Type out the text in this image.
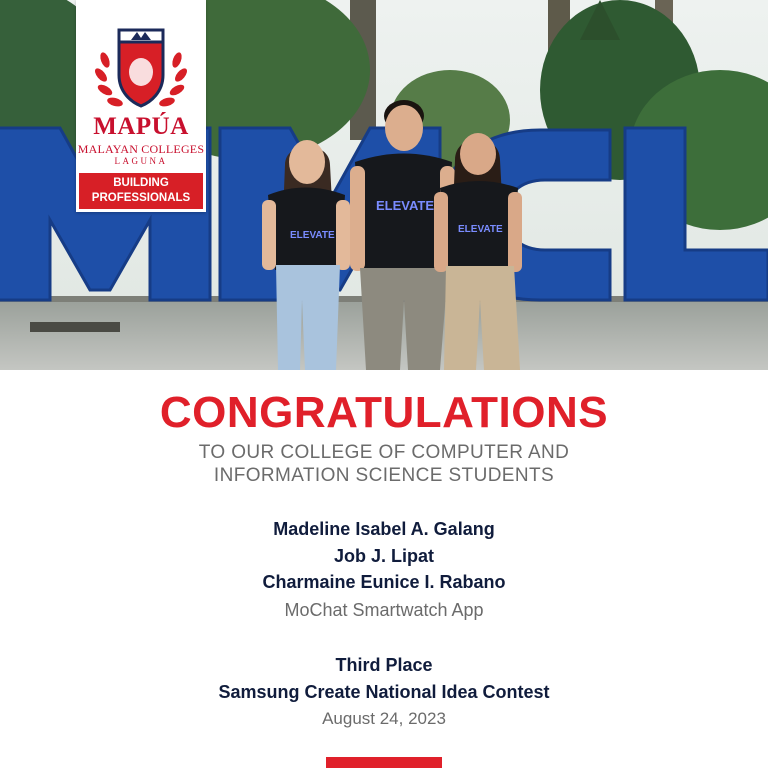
ELEVATE
ELEVATE
ELEVATE
MAPÚA
MALAYAN COLLEGES
LAGUNA
BUILDING
PROFESSIONALS
CONGRATULATIONS
TO OUR COLLEGE OF COMPUTER AND
INFORMATION SCIENCE STUDENTS
Madeline Isabel A. Galang
Job J. Lipat
Charmaine Eunice I. Rabano
MoChat Smartwatch App
Third Place
Samsung Create National Idea Contest
August 24, 2023
